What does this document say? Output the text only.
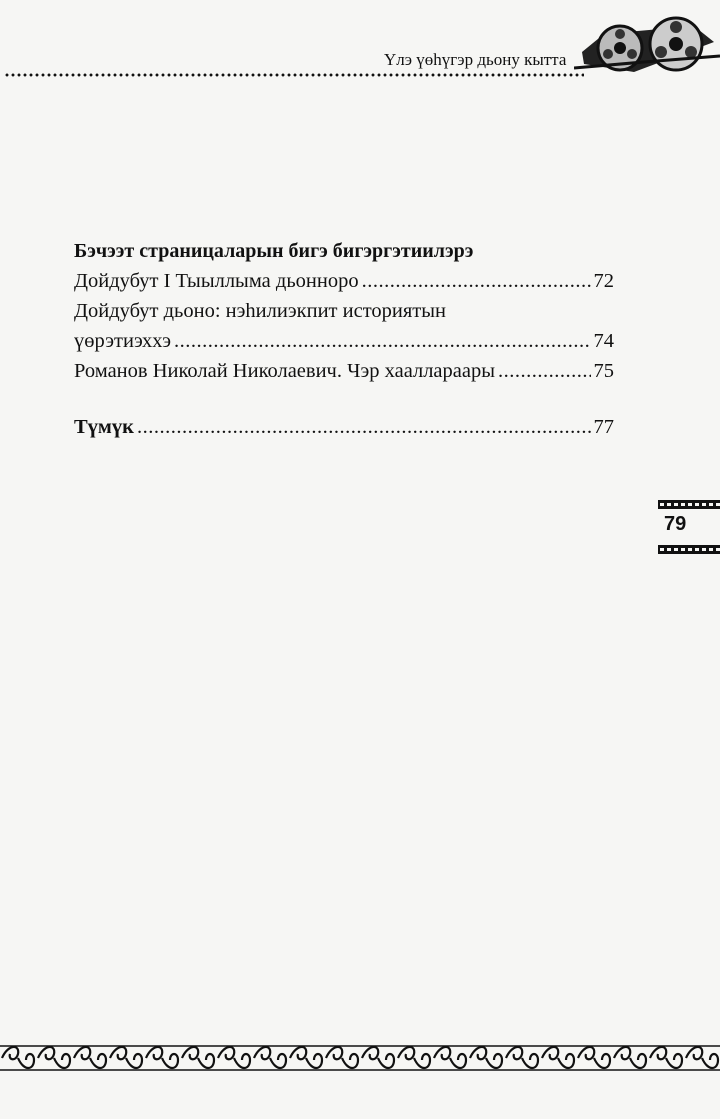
Үлэ үөһүгэр дьону кытта

Бэчээт страницаларын бигэ бигэргэтиилэрэ
Дойдубут I Тыыллыма дьонноро .....	72
Дойдубут дьоно: нэһилиэкпит историятын
үөрэтиэххэ .....	74
Романов Николай Николаевич. Чэр хааллараары .....	75
Түмүк .....	77
79
